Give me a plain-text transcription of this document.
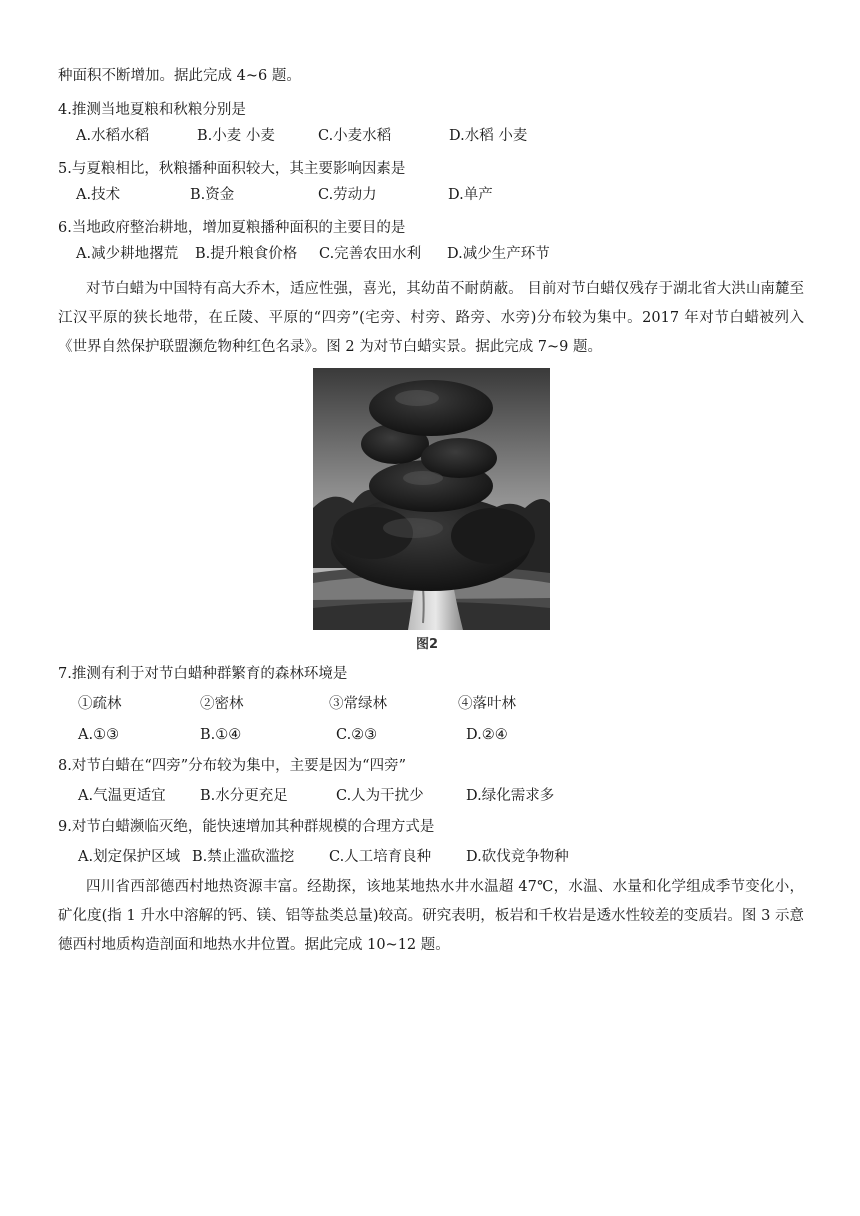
种面积不断增加。据此完成 4~6 题。
4.推测当地夏粮和秋粮分别是
A.水稻水稻	B.小麦 小麦	C.小麦水稻	D.水稻 小麦
5.与夏粮相比，秋粮播种面积较大，其主要影响因素是
A.技术	B.资金	C.劳动力	D.单产
6.当地政府整治耕地，增加夏粮播种面积的主要目的是
A.减少耕地撂荒 B.提升粮食价格 C.完善农田水利 D.减少生产环节
对节白蜡为中国特有高大乔木，适应性强，喜光，其幼苗不耐荫蔽。 目前对节白蜡仅残存于湖北省大洪山南麓至江汉平原的狭长地带，在丘陵、平原的“四旁”(宅旁、村旁、路旁、水旁)分布较为集中。2017 年对节白蜡被列入《世界自然保护联盟濒危物种红色名录》。图 2 为对节白蜡实景。据此完成 7~9 题。
图2
7.推测有利于对节白蜡种群繁育的森林环境是
①疏林	②密林	③常绿林	④落叶林
A.①③	B.①④	C.②③	D.②④
8.对节白蜡在“四旁”分布较为集中，主要是因为“四旁”
A.气温更适宜 B.水分更充足	C.人为干扰少	D.绿化需求多
9.对节白蜡濒临灭绝，能快速增加其种群规模的合理方式是
A.划定保护区域 B.禁止滥砍滥挖 C.人工培育良种 D.砍伐竞争物种
四川省西部德西村地热资源丰富。经勘探，该地某地热水井水温超 47℃，水温、水量和化学组成季节变化小，矿化度(指 1 升水中溶解的钙、镁、铝等盐类总量)较高。研究表明，板岩和千枚岩是透水性较差的变质岩。图 3 示意德西村地质构造剖面和地热水井位置。据此完成 10~12 题。
